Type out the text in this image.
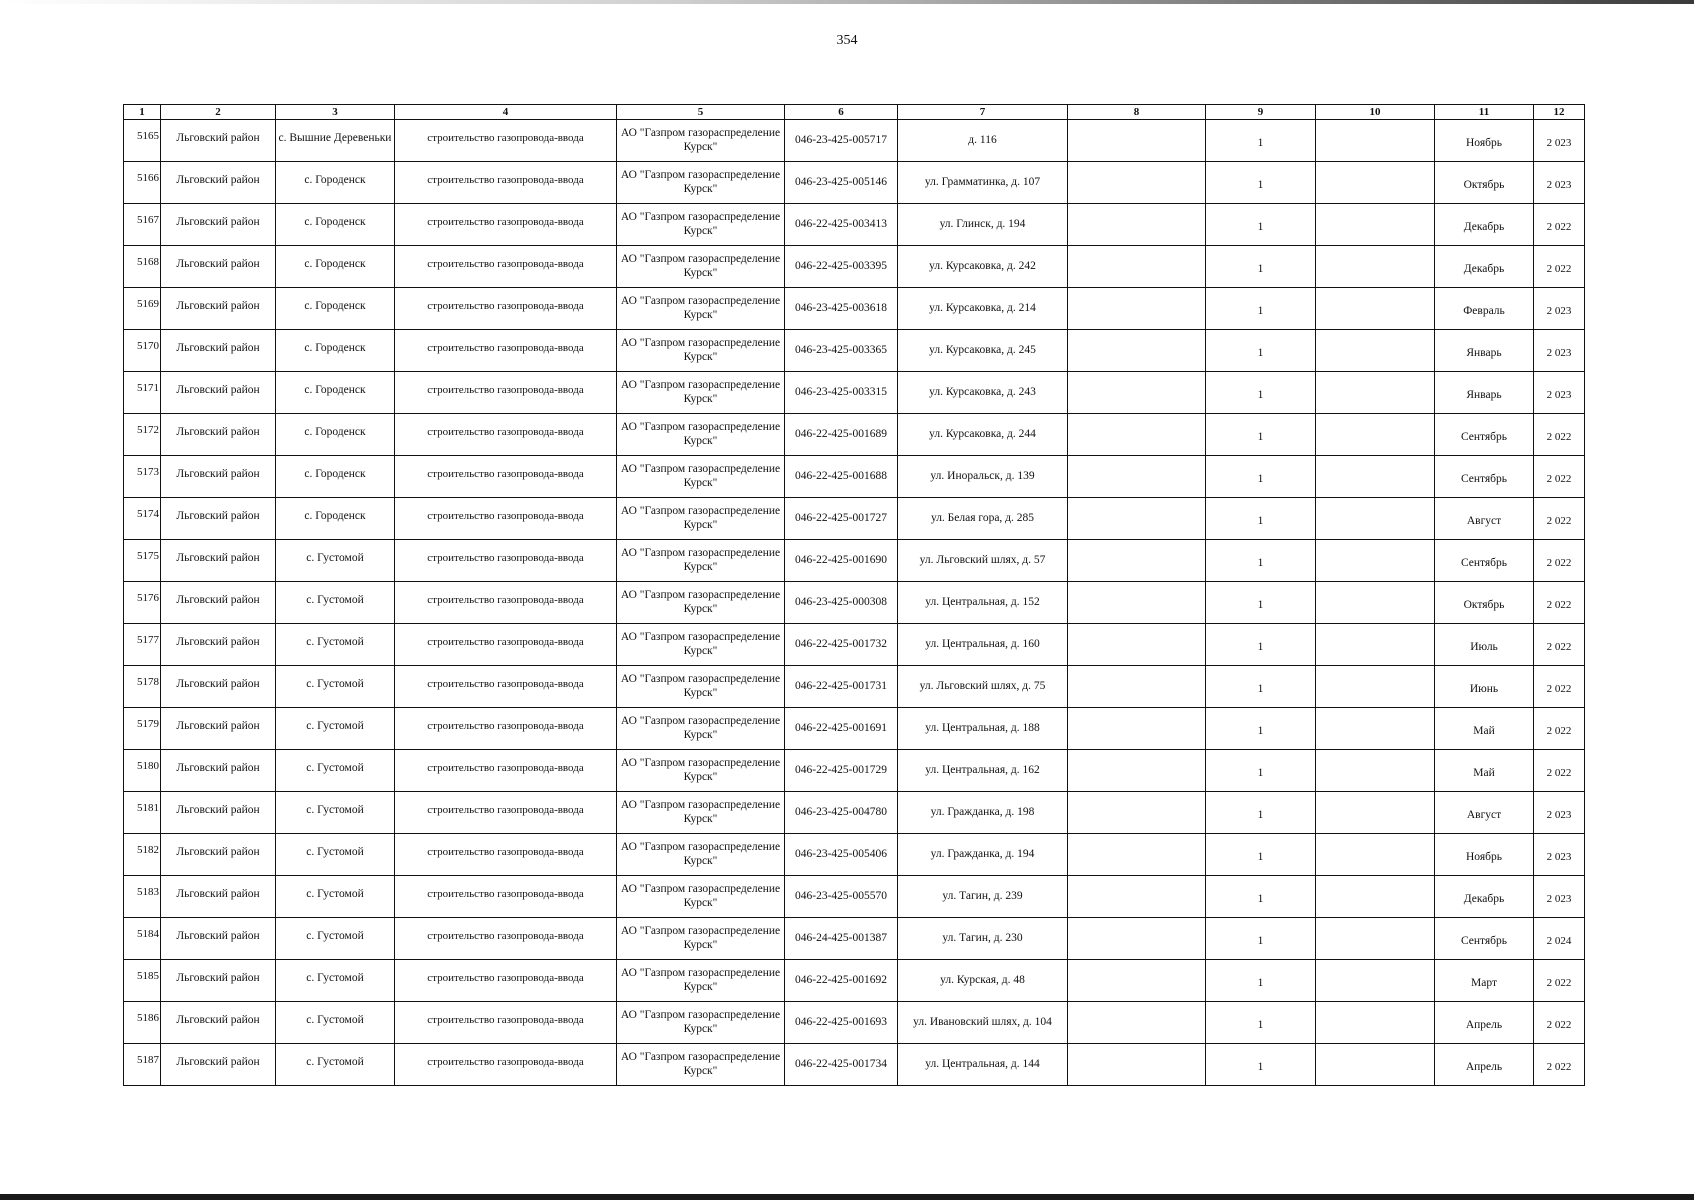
354
1	2	3	4	5	6	7	8	9	10	11	12
5165	Льговский район	с. Вышние Деревеньки	строительство газопровода-ввода	АО "Газпром газораспределение Курск"	046-23-425-005717	д. 116		1		Ноябрь	2 023
5166	Льговский район	с. Городенск	строительство газопровода-ввода	АО "Газпром газораспределение Курск"	046-23-425-005146	ул. Грамматинка, д. 107		1		Октябрь	2 023
5167	Льговский район	с. Городенск	строительство газопровода-ввода	АО "Газпром газораспределение Курск"	046-22-425-003413	ул. Глинск, д. 194		1		Декабрь	2 022
5168	Льговский район	с. Городенск	строительство газопровода-ввода	АО "Газпром газораспределение Курск"	046-22-425-003395	ул. Курсаковка, д. 242		1		Декабрь	2 022
5169	Льговский район	с. Городенск	строительство газопровода-ввода	АО "Газпром газораспределение Курск"	046-23-425-003618	ул. Курсаковка, д. 214		1		Февраль	2 023
5170	Льговский район	с. Городенск	строительство газопровода-ввода	АО "Газпром газораспределение Курск"	046-23-425-003365	ул. Курсаковка, д. 245		1		Январь	2 023
5171	Льговский район	с. Городенск	строительство газопровода-ввода	АО "Газпром газораспределение Курск"	046-23-425-003315	ул. Курсаковка, д. 243		1		Январь	2 023
5172	Льговский район	с. Городенск	строительство газопровода-ввода	АО "Газпром газораспределение Курск"	046-22-425-001689	ул. Курсаковка, д. 244		1		Сентябрь	2 022
5173	Льговский район	с. Городенск	строительство газопровода-ввода	АО "Газпром газораспределение Курск"	046-22-425-001688	ул. Иноральск, д. 139		1		Сентябрь	2 022
5174	Льговский район	с. Городенск	строительство газопровода-ввода	АО "Газпром газораспределение Курск"	046-22-425-001727	ул. Белая гора, д. 285		1		Август	2 022
5175	Льговский район	с. Густомой	строительство газопровода-ввода	АО "Газпром газораспределение Курск"	046-22-425-001690	ул. Льговский шлях, д. 57		1		Сентябрь	2 022
5176	Льговский район	с. Густомой	строительство газопровода-ввода	АО "Газпром газораспределение Курск"	046-23-425-000308	ул. Центральная, д. 152		1		Октябрь	2 022
5177	Льговский район	с. Густомой	строительство газопровода-ввода	АО "Газпром газораспределение Курск"	046-22-425-001732	ул. Центральная, д. 160		1		Июль	2 022
5178	Льговский район	с. Густомой	строительство газопровода-ввода	АО "Газпром газораспределение Курск"	046-22-425-001731	ул. Льговский шлях, д. 75		1		Июнь	2 022
5179	Льговский район	с. Густомой	строительство газопровода-ввода	АО "Газпром газораспределение Курск"	046-22-425-001691	ул. Центральная, д. 188		1		Май	2 022
5180	Льговский район	с. Густомой	строительство газопровода-ввода	АО "Газпром газораспределение Курск"	046-22-425-001729	ул. Центральная, д. 162		1		Май	2 022
5181	Льговский район	с. Густомой	строительство газопровода-ввода	АО "Газпром газораспределение Курск"	046-23-425-004780	ул. Гражданка, д. 198		1		Август	2 023
5182	Льговский район	с. Густомой	строительство газопровода-ввода	АО "Газпром газораспределение Курск"	046-23-425-005406	ул. Гражданка, д. 194		1		Ноябрь	2 023
5183	Льговский район	с. Густомой	строительство газопровода-ввода	АО "Газпром газораспределение Курск"	046-23-425-005570	ул. Тагин, д. 239		1		Декабрь	2 023
5184	Льговский район	с. Густомой	строительство газопровода-ввода	АО "Газпром газораспределение Курск"	046-24-425-001387	ул. Тагин, д. 230		1		Сентябрь	2 024
5185	Льговский район	с. Густомой	строительство газопровода-ввода	АО "Газпром газораспределение Курск"	046-22-425-001692	ул. Курская, д. 48		1		Март	2 022
5186	Льговский район	с. Густомой	строительство газопровода-ввода	АО "Газпром газораспределение Курск"	046-22-425-001693	ул. Ивановский шлях, д. 104		1		Апрель	2 022
5187	Льговский район	с. Густомой	строительство газопровода-ввода	АО "Газпром газораспределение Курск"	046-22-425-001734	ул. Центральная, д. 144		1		Апрель	2 022
